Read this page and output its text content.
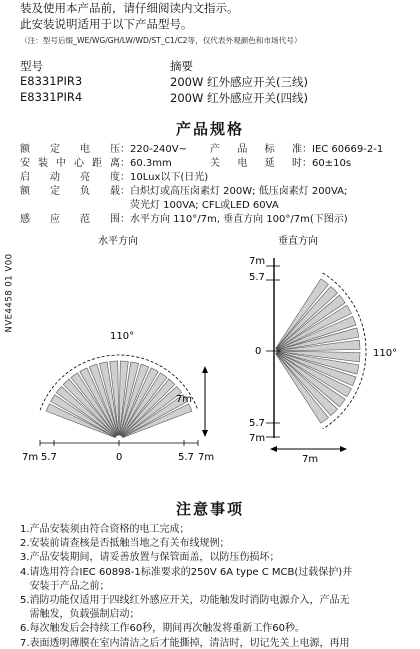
装及使用本产品前，请仔细阅读内文指示。
此安装说明适用于以下产品型号。
（注：型号后缀_WE/WG/GH/LW/WD/ST_C1/C2等，仅代表外观颜色和市场代号）
型号	摘要
E8331PIR3	200W 红外感应开关(三线)
E8331PIR4	200W 红外感应开关(四线)
产品规格
额 定 电 压：220-240V~ 产 品 标 准：IEC 60669-2-1
安装中心距离：60.3mm	关 电 延 时：60±10s
启 动 亮 度：10Lux以下(日光)
额 定 负 载：白炽灯或高压卤素灯 200W; 低压卤素灯 200VA;
荧光灯 100VA; CFL或LED 60VA
感 应 范 围：水平方向 110°/7m, 垂直方向 100°/7m(下图示)
NVE4458 01 V00
水平方向	垂直方向
110°
7m
7m 5.7	0	5.7 7m
110°
7m
5.7
0
5.7
7m
7m
注意事项
1.产品安装须由符合资格的电工完成；
2.安装前请查核是否抵触当地之有关布线规例；
3.产品安装期间，请妥善放置与保管面盖，以防压伤损坏；
4.请选用符合IEC 60898-1标准要求的250V 6A type C MCB(过载保护)并
安装于产品之前；
5.消防功能仅适用于四线红外感应开关，功能触发时消防电源介入，产品无
需触发，负载强制启动；
6.每次触发后会持续工作60秒，期间再次触发将重新工作60秒。
7.表面透明薄膜在室内清洁之后才能撕掉，清洁时，切记先关上电源，再用
